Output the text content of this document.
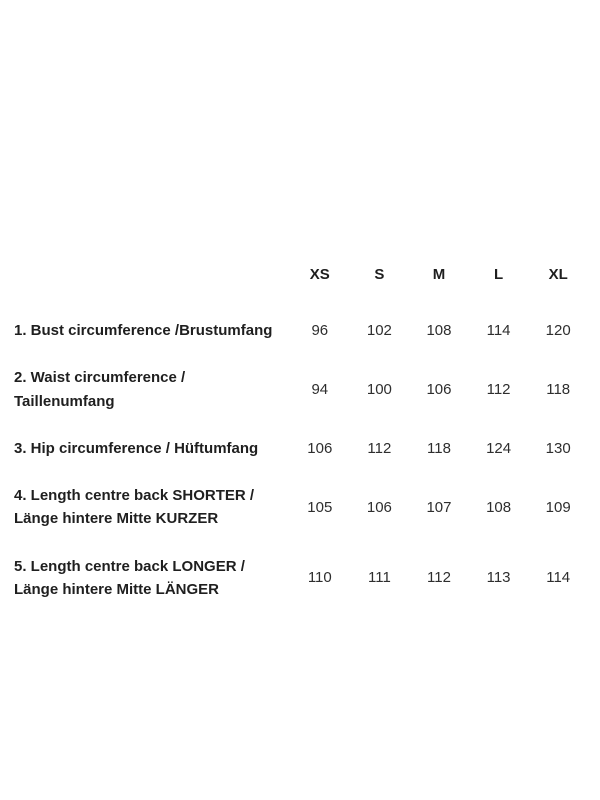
	XS	S	M	L	XL
1. Bust circumference /Brustumfang	96	102	108	114	120
2. Waist circumference / Taillenumfang	94	100	106	112	118
3. Hip circumference / Hüftumfang	106	112	118	124	130
4. Length centre back SHORTER / Länge hintere Mitte KURZER	105	106	107	108	109
5. Length centre back LONGER / Länge hintere Mitte LÄNGER	110	111	112	113	114
